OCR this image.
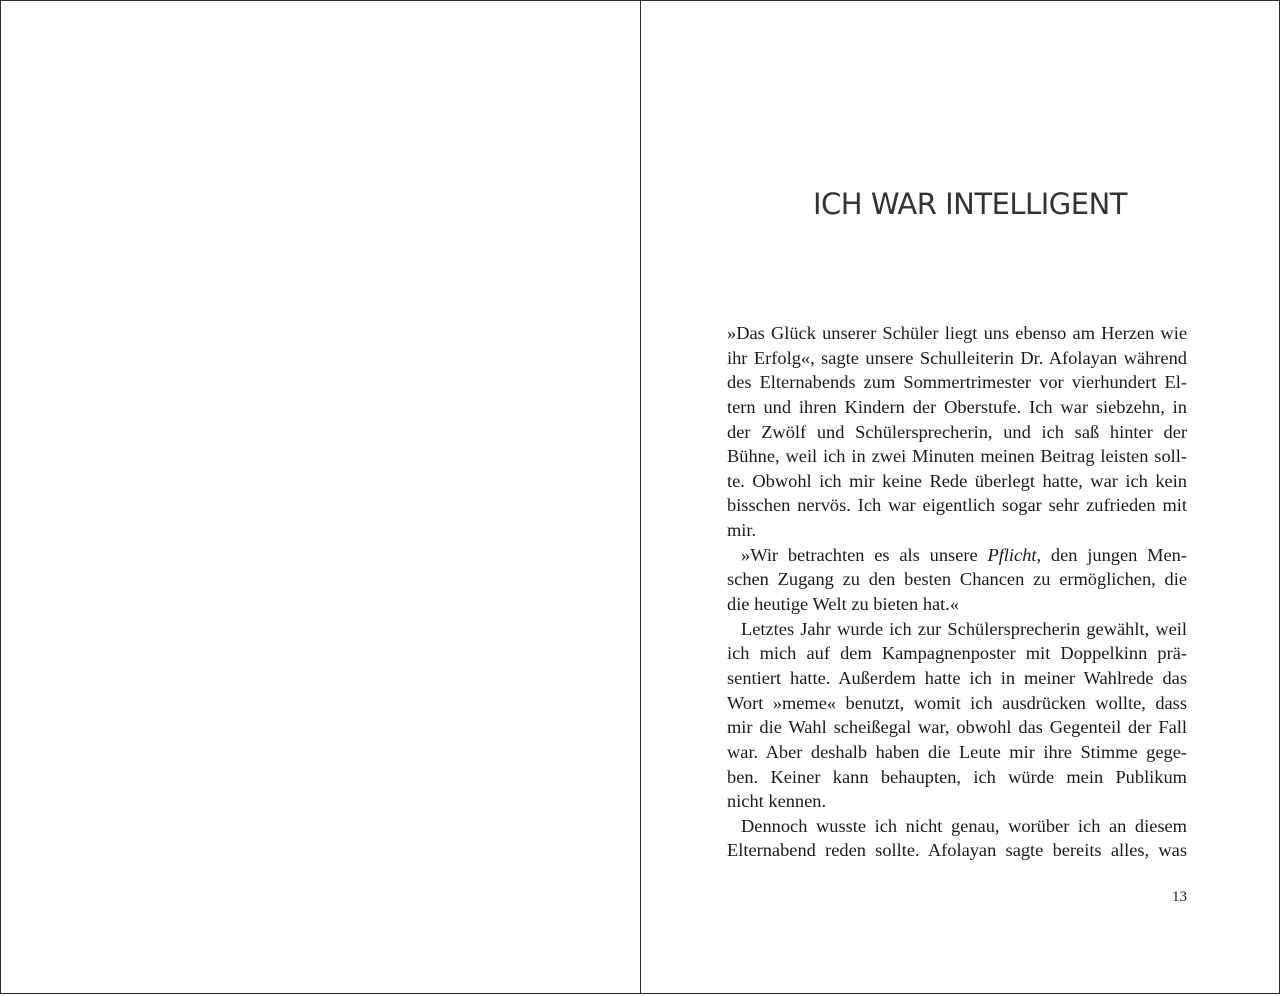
ICH WAR INTELLIGENT
»Das Glück unserer Schüler liegt uns ebenso am Herzen wie
ihr Erfolg«, sagte unsere Schulleiterin Dr. Afolayan während
des Elternabends zum Sommertrimester vor vierhundert El-
tern und ihren Kindern der Oberstufe. Ich war siebzehn, in
der Zwölf und Schülersprecherin, und ich saß hinter der
Bühne, weil ich in zwei Minuten meinen Beitrag leisten soll-
te. Obwohl ich mir keine Rede überlegt hatte, war ich kein
bisschen nervös. Ich war eigentlich sogar sehr zufrieden mit
mir.
»Wir betrachten es als unsere Pflicht, den jungen Men-
schen Zugang zu den besten Chancen zu ermöglichen, die
die heutige Welt zu bieten hat.«
Letztes Jahr wurde ich zur Schülersprecherin gewählt, weil
ich mich auf dem Kampagnenposter mit Doppelkinn prä-
sentiert hatte. Außerdem hatte ich in meiner Wahlrede das
Wort »meme« benutzt, womit ich ausdrücken wollte, dass
mir die Wahl scheißegal war, obwohl das Gegenteil der Fall
war. Aber deshalb haben die Leute mir ihre Stimme gege-
ben. Keiner kann behaupten, ich würde mein Publikum
nicht kennen.
Dennoch wusste ich nicht genau, worüber ich an diesem
Elternabend reden sollte. Afolayan sagte bereits alles, was
13
